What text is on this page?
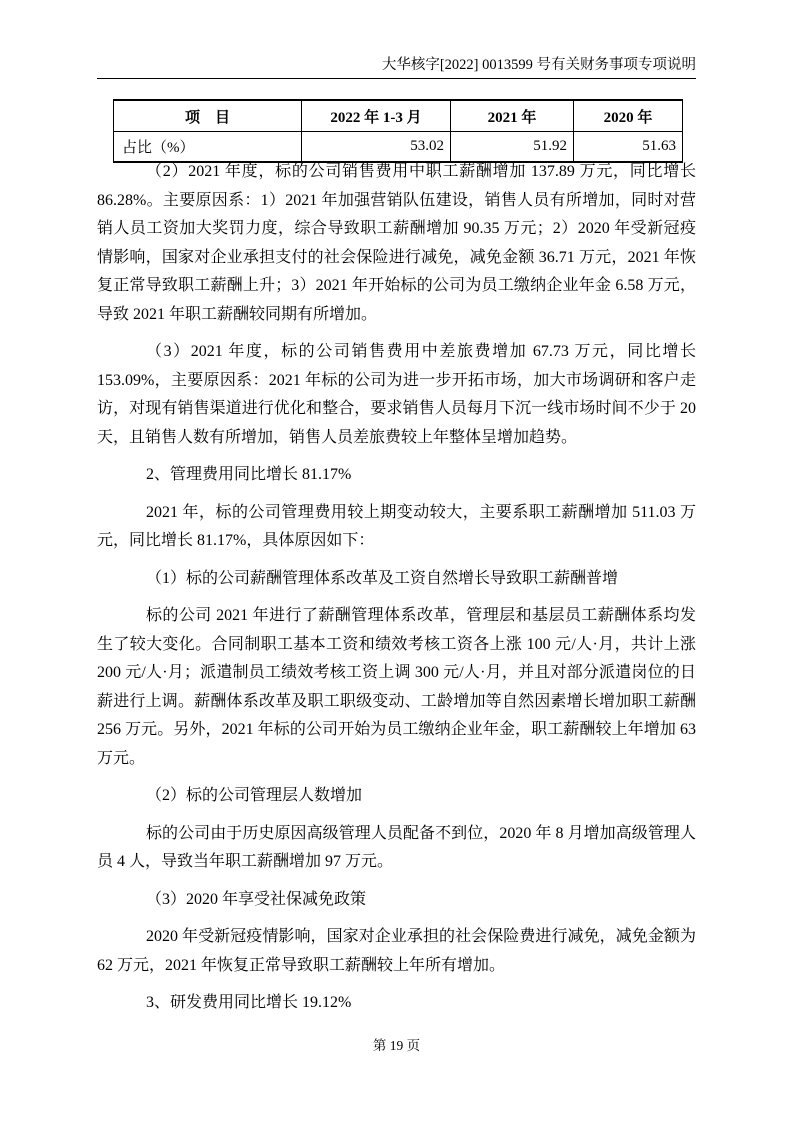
大华核字[2022] 0013599 号有关财务事项专项说明
项　目	2022 年 1-3 月	2021 年	2020 年
占比（%）	53.02	51.92	51.63

（2）2021 年度，标的公司销售费用中职工薪酬增加 137.89 万元，同比增长 86.28%。主要原因系：1）2021 年加强营销队伍建设，销售人员有所增加，同时对营销人员工资加大奖罚力度，综合导致职工薪酬增加 90.35 万元；2）2020 年受新冠疫情影响，国家对企业承担支付的社会保险进行减免，减免金额 36.71 万元，2021 年恢复正常导致职工薪酬上升；3）2021 年开始标的公司为员工缴纳企业年金 6.58 万元，导致 2021 年职工薪酬较同期有所增加。

（3）2021 年度，标的公司销售费用中差旅费增加 67.73 万元，同比增长 153.09%，主要原因系：2021 年标的公司为进一步开拓市场，加大市场调研和客户走访，对现有销售渠道进行优化和整合，要求销售人员每月下沉一线市场时间不少于 20 天，且销售人数有所增加，销售人员差旅费较上年整体呈增加趋势。

2、管理费用同比增长 81.17%

2021 年，标的公司管理费用较上期变动较大，主要系职工薪酬增加 511.03 万元，同比增长 81.17%，具体原因如下：

（1）标的公司薪酬管理体系改革及工资自然增长导致职工薪酬普增

标的公司 2021 年进行了薪酬管理体系改革，管理层和基层员工薪酬体系均发生了较大变化。合同制职工基本工资和绩效考核工资各上涨 100 元/人·月，共计上涨 200 元/人·月；派遣制员工绩效考核工资上调 300 元/人·月，并且对部分派遣岗位的日薪进行上调。薪酬体系改革及职工职级变动、工龄增加等自然因素增长增加职工薪酬 256 万元。另外，2021 年标的公司开始为员工缴纳企业年金，职工薪酬较上年增加 63 万元。

（2）标的公司管理层人数增加

标的公司由于历史原因高级管理人员配备不到位，2020 年 8 月增加高级管理人员 4 人，导致当年职工薪酬增加 97 万元。

（3）2020 年享受社保减免政策

2020 年受新冠疫情影响，国家对企业承担的社会保险费进行减免，减免金额为 62 万元，2021 年恢复正常导致职工薪酬较上年所有增加。

3、研发费用同比增长 19.12%

第 19 页
